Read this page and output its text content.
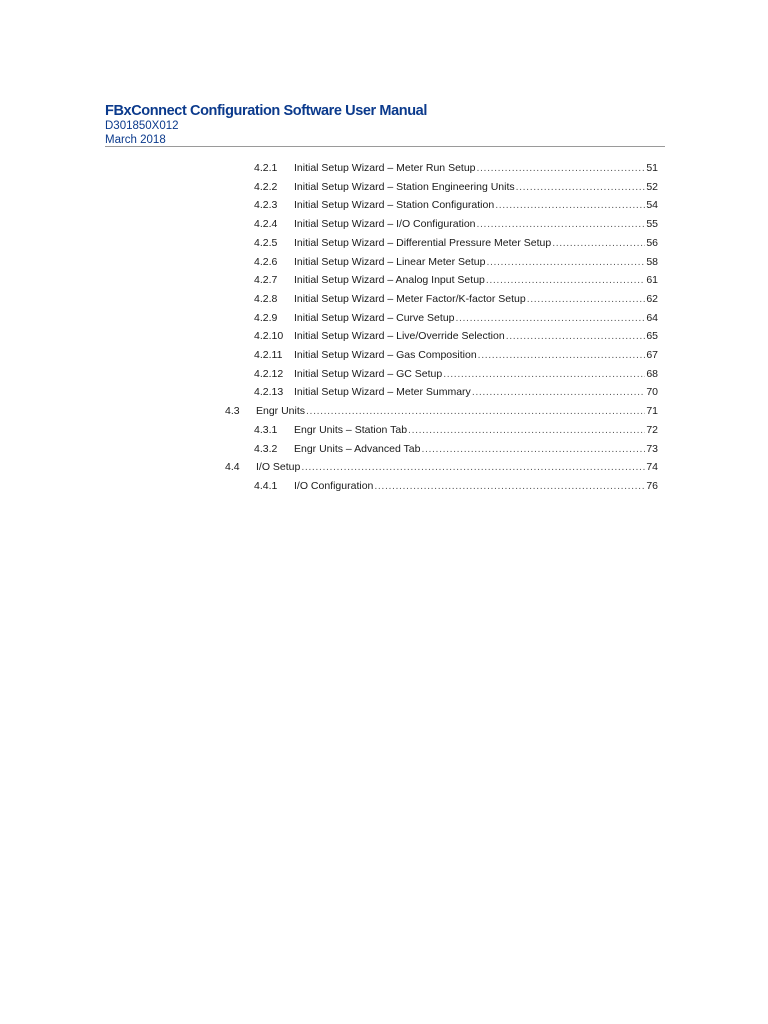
FBxConnect Configuration Software User Manual
D301850X012
March 2018
4.2.1	Initial Setup Wizard – Meter Run Setup .....	51
4.2.2	Initial Setup Wizard – Station Engineering Units .....	52
4.2.3	Initial Setup Wizard – Station Configuration .....	54
4.2.4	Initial Setup Wizard – I/O Configuration .....	55
4.2.5	Initial Setup Wizard – Differential Pressure Meter Setup .....	56
4.2.6	Initial Setup Wizard – Linear Meter Setup .....	58
4.2.7	Initial Setup Wizard – Analog Input Setup .....	61
4.2.8	Initial Setup Wizard – Meter Factor/K-factor Setup .....	62
4.2.9	Initial Setup Wizard – Curve Setup .....	64
4.2.10	Initial Setup Wizard – Live/Override Selection .....	65
4.2.11	Initial Setup Wizard – Gas Composition .....	67
4.2.12	Initial Setup Wizard – GC Setup .....	68
4.2.13	Initial Setup Wizard – Meter Summary .....	70
4.3	Engr Units .....	71
4.3.1	Engr Units – Station Tab .....	72
4.3.2	Engr Units – Advanced Tab .....	73
4.4	I/O Setup .....	74
4.4.1	I/O Configuration .....	76
